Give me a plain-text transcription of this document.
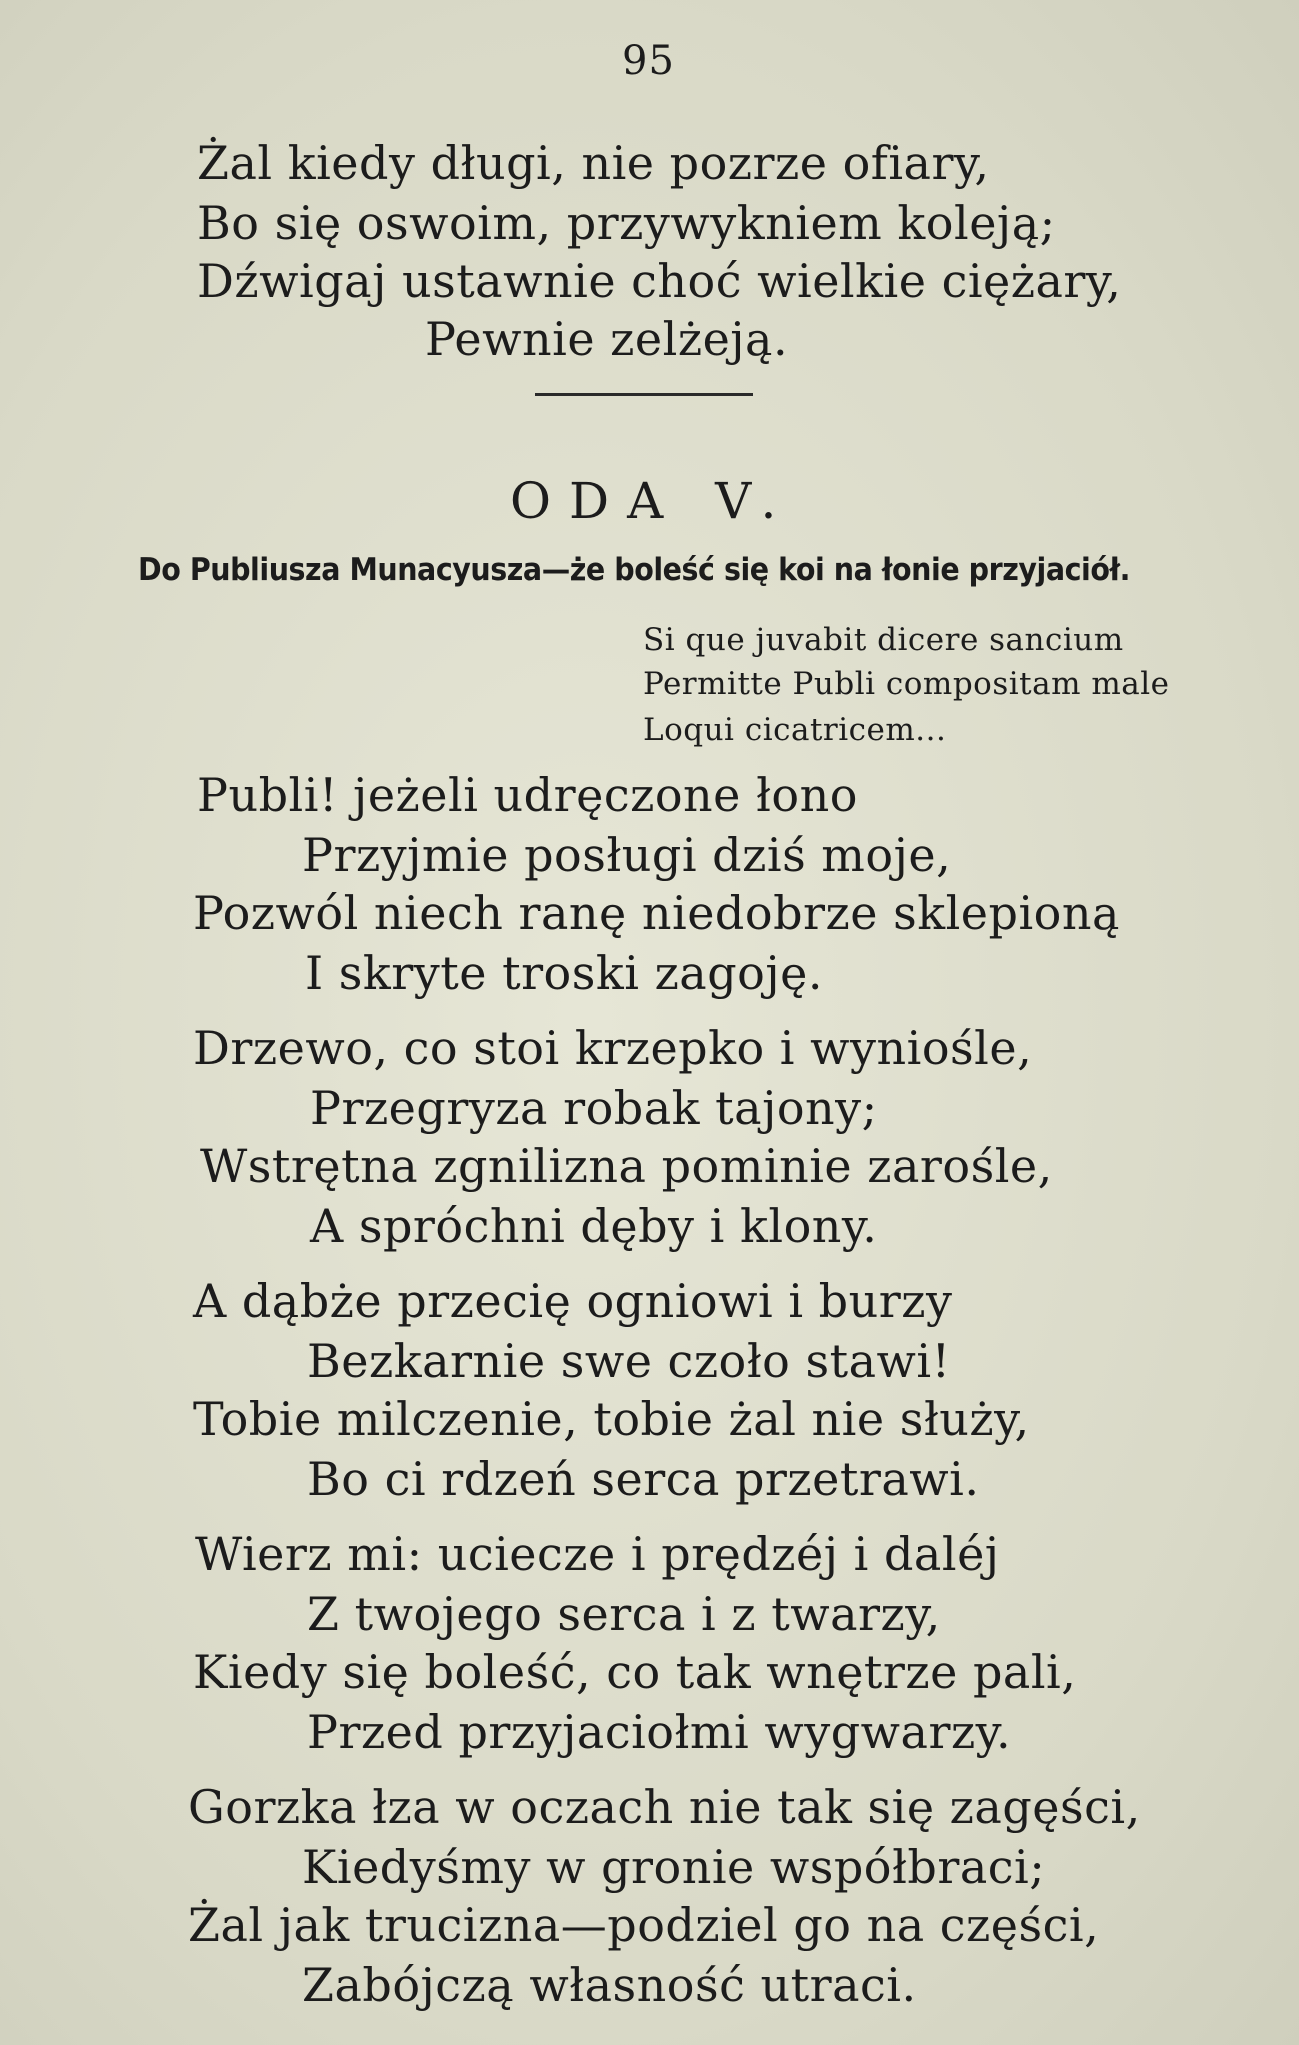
95
Żal kiedy długi, nie pozrze ofiary,
Bo się oswoim, przywykniem koleją;
Dźwigaj ustawnie choć wielkie ciężary,
Pewnie zelżeją.
ODA V.
Do Publiusza Munacyusza—że boleść się koi na łonie przyjaciół.
Si que juvabit dicere sancium
Permitte Publi compositam male
Loqui cicatricem...
Publi! jeżeli udręczone łono
Przyjmie posługi dziś moje,
Pozwól niech ranę niedobrze sklepioną
I skryte troski zagoję.
Drzewo, co stoi krzepko i wyniośle,
Przegryza robak tajony;
Wstrętna zgnilizna pominie zarośle,
A spróchni dęby i klony.
A dąbże przecię ogniowi i burzy
Bezkarnie swe czoło stawi!
Tobie milczenie, tobie żal nie służy,
Bo ci rdzeń serca przetrawi.
Wierz mi: uciecze i prędzéj i daléj
Z twojego serca i z twarzy,
Kiedy się boleść, co tak wnętrze pali,
Przed przyjaciołmi wygwarzy.
Gorzka łza w oczach nie tak się zagęści,
Kiedyśmy w gronie współbraci;
Żal jak trucizna—podziel go na części,
Zabójczą własność utraci.
